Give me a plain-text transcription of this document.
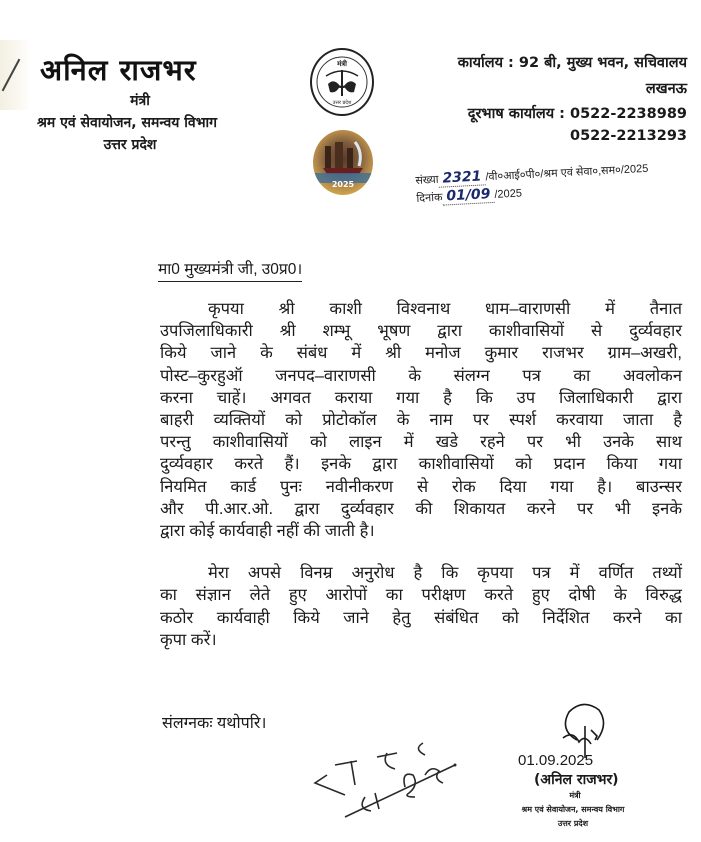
अनिल राजभर
मंत्री
श्रम एवं सेवायोजन, समन्वय विभाग
उत्तर प्रदेश
मंत्री
उत्तर प्रदेश
2025
कार्यालय : 92 बी, मुख्य भवन, सचिवालय
लखनऊ
दूरभाष कार्यालय : 0522-2238989
0522-2213293
संख्या 2321 /वी०आई०पी०/श्रम एवं सेवा०,सम०/2025
दिनांक 01/09 /2025
मा0 मुख्यमंत्री जी, उ0प्र0।
कृपया श्री काशी विश्वनाथ धाम–वाराणसी में तैनात
उपजिलाधिकारी श्री शम्भू भूषण द्वारा काशीवासियों से दुर्व्यवहार
किये जाने के संबंध में श्री मनोज कुमार राजभर ग्राम–अखरी,
पोस्ट–कुरहुऑ जनपद–वाराणसी के संलग्न पत्र का अवलोकन
करना चाहें। अगवत कराया गया है कि उप जिलाधिकारी द्वारा
बाहरी व्यक्तियों को प्रोटोकॉल के नाम पर स्पर्श करवाया जाता है
परन्तु काशीवासियों को लाइन में खडे रहने पर भी उनके साथ
दुर्व्यवहार करते हैं। इनके द्वारा काशीवासियों को प्रदान किया गया
नियमित कार्ड पुनः नवीनीकरण से रोक दिया गया है। बाउन्सर
और पी.आर.ओ. द्वारा दुर्व्यवहार की शिकायत करने पर भी इनके
द्वारा कोई कार्यवाही नहीं की जाती है।
मेरा अपसे विनम्र अनुरोध है कि कृपया पत्र में वर्णित तथ्यों
का संज्ञान लेते हुए आरोपों का परीक्षण करते हुए दोषी के विरुद्ध
कठोर कार्यवाही किये जाने हेतु संबंधित को निर्देशित करने का
कृपा करें।
संलग्नकः यथोपरि।
01.09.2025
(अनिल राजभर)
मंत्री
श्रम एवं सेवायोजन, समन्वय विभाग
उत्तर प्रदेश
